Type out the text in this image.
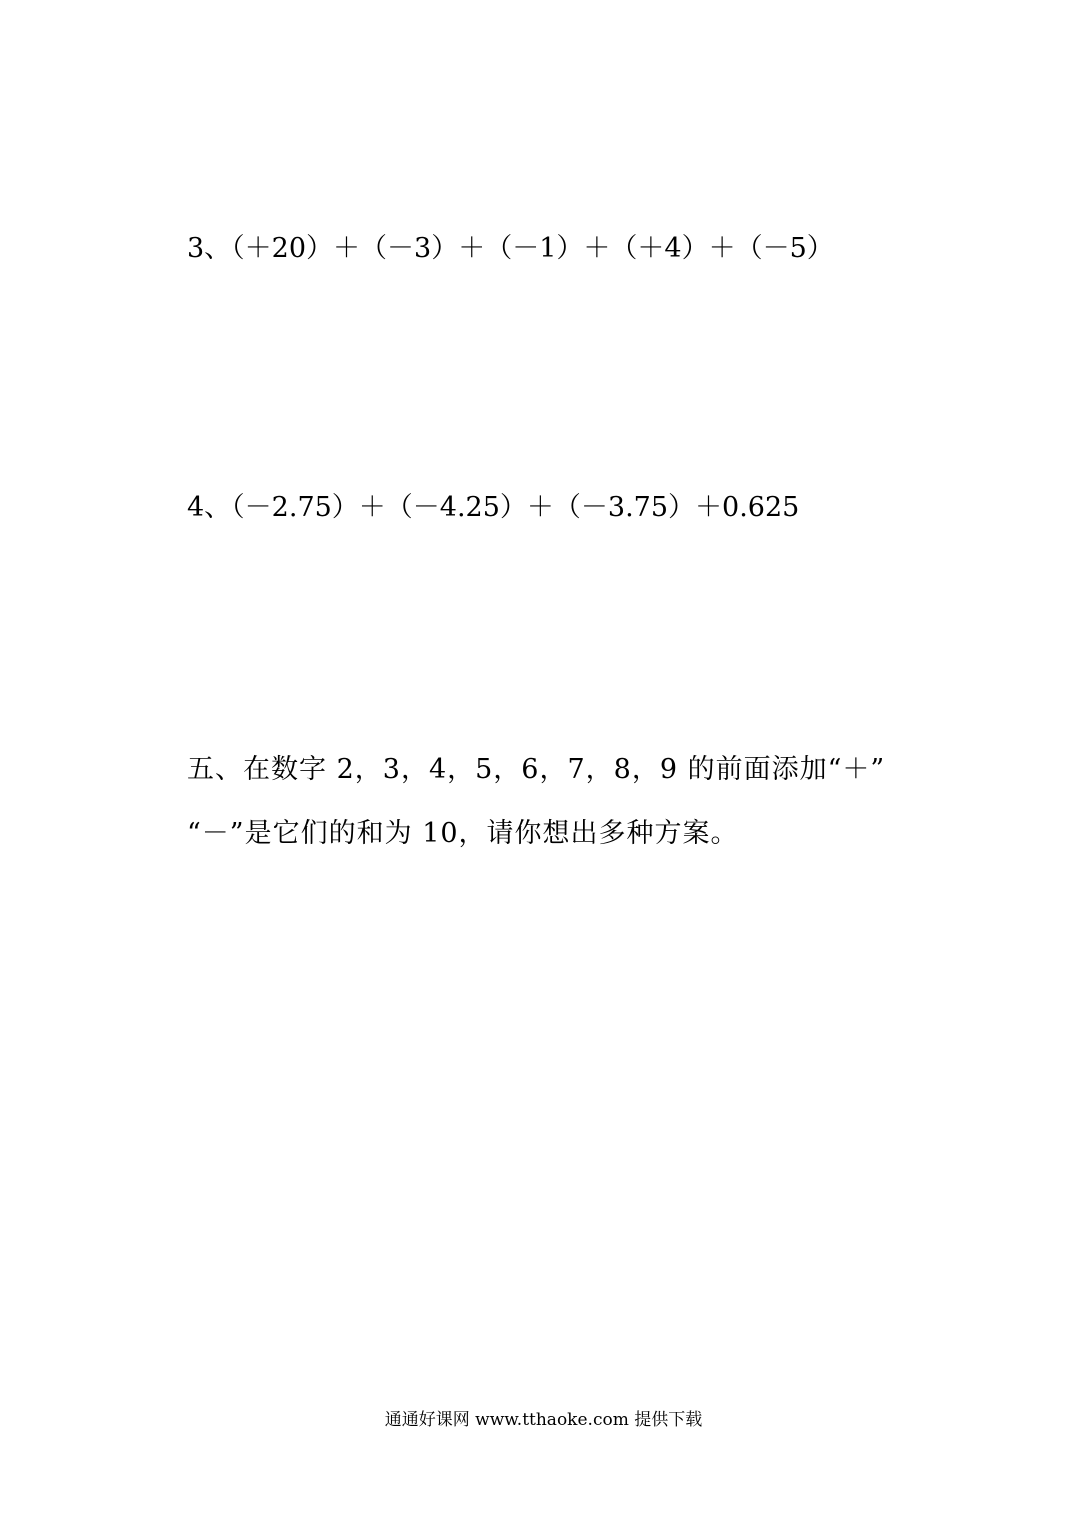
3、（＋20）＋（－3）＋（－1）＋（＋4）＋（－5）
4、（－2.75）＋（－4.25）＋（－3.75）＋0.625
五、在数字 2，3，4，5，6，7，8，9 的前面添加“＋”
“－”是它们的和为 10，请你想出多种方案。
通通好课网 www.tthaoke.com 提供下载
